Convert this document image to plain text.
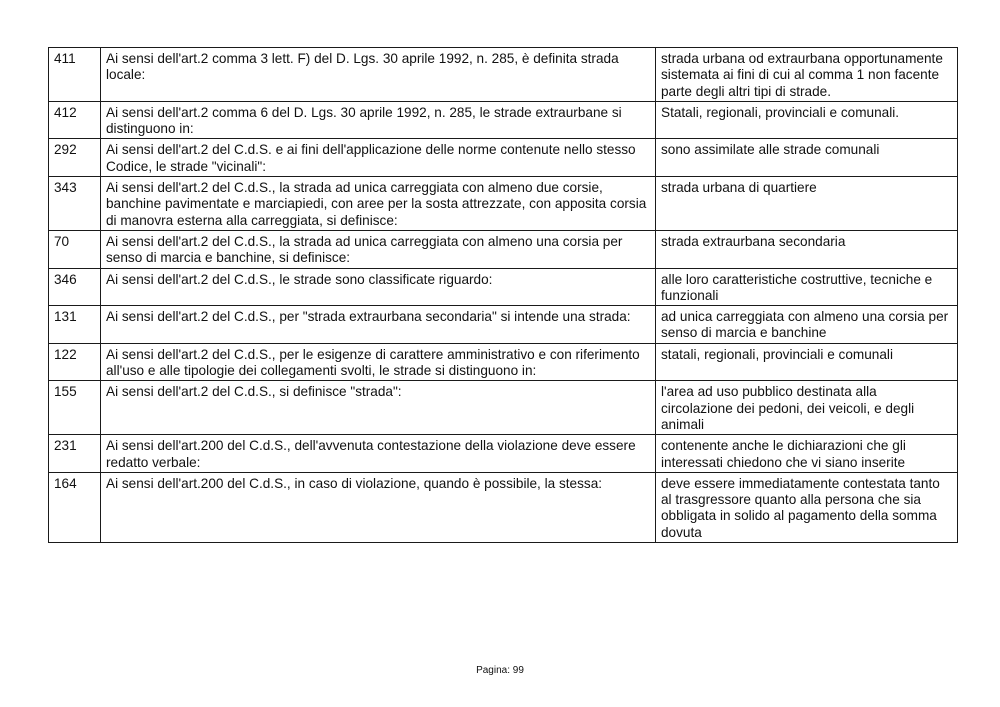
411	Ai sensi dell'art.2 comma 3 lett. F) del D. Lgs. 30 aprile 1992, n. 285, è definita strada locale:	strada urbana od extraurbana opportunamente sistemata ai fini di cui al comma 1 non facente parte degli altri tipi di strade.
412	Ai sensi dell'art.2 comma 6 del D. Lgs. 30 aprile 1992, n. 285, le strade extraurbane si distinguono in:	Statali, regionali, provinciali e comunali.
292	Ai sensi dell'art.2 del C.d.S. e ai fini dell'applicazione delle norme contenute nello stesso Codice, le strade "vicinali":	sono assimilate alle strade comunali
343	Ai sensi dell'art.2 del C.d.S., la strada ad unica carreggiata con almeno due corsie, banchine pavimentate e marciapiedi, con aree per la sosta attrezzate, con apposita corsia di manovra esterna alla carreggiata, si definisce:	strada urbana di quartiere
70	Ai sensi dell'art.2 del C.d.S., la strada ad unica carreggiata con almeno una corsia per senso di marcia e banchine, si definisce:	strada extraurbana secondaria
346	Ai sensi dell'art.2 del C.d.S., le strade sono classificate riguardo:	alle loro caratteristiche costruttive, tecniche e funzionali
131	Ai sensi dell'art.2 del C.d.S., per "strada extraurbana secondaria" si intende una strada:	ad unica carreggiata con almeno una corsia per senso di marcia e banchine
122	Ai sensi dell'art.2 del C.d.S., per le esigenze di carattere amministrativo e con riferimento all'uso e alle tipologie dei collegamenti svolti, le strade si distinguono in:	statali, regionali, provinciali e comunali
155	Ai sensi dell'art.2 del C.d.S., si definisce "strada":	l'area ad uso pubblico destinata alla circolazione dei pedoni, dei veicoli, e degli animali
231	Ai sensi dell'art.200 del C.d.S., dell'avvenuta contestazione della violazione deve essere redatto verbale:	contenente anche le dichiarazioni che gli interessati chiedono che vi siano inserite
164	Ai sensi dell'art.200 del C.d.S., in caso di violazione, quando è possibile, la stessa:	deve essere immediatamente contestata tanto al trasgressore quanto alla persona che sia obbligata in solido al pagamento della somma dovuta
Pagina: 99
